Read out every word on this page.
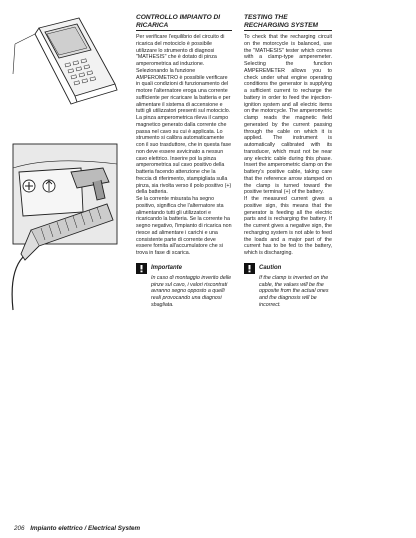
CONTROLLO IMPIANTO DI RICARICA

Per verificare l'equilibrio del circuito di ricarica del motociclo è possibile utilizzare lo strumento di diagnosi "MATHESIS" che è dotato di pinza amperometrica ad induzione.

Selezionando la funzione AMPEROMETRO è possibile verificare in quali condizioni di funzionamento del motore l'alternatore eroga una corrente sufficiente per ricaricare la batteria e per alimentare il sistema di accensione e tutti gli utilizzatori presenti sul motociclo. La pinza amperometrica rileva il campo magnetico generato dalla corrente che passa nel cavo su cui è applicata. Lo strumento si calibra automaticamente con il suo trasduttore, che in questa fase non deve essere avvicinato a nessun cavo elettrico. Inserire poi la pinza amperometrica sul cavo positivo della batteria facendo attenzione che la freccia di riferimento, stampigliata sulla pinza, sia rivolta verso il polo positivo (+) della batteria.

Se la corrente misurata ha segno positivo, significa che l'alternatore sta alimentando tutti gli utilizzatori e ricaricando la batteria. Se la corrente ha segno negativo, l'impianto di ricarica non riesce ad alimentare i carichi e una consistente parte di corrente deve essere fornita all'accumulatore che si trova in fase di scarica.

Importante
In caso di montaggio inverito delle pinze sul cavo, i valori riscontrati avranno segno opposto a quelli reali provocando una diagnosi sbagliata.
TESTING THE RECHARGING SYSTEM

To check that the recharging circuit on the motorcycle is balanced, use the "MATHESIS" tester which comes with a clamp-type amperemeter. Selecting the function AMPEREMETER allows you to check under what engine operating conditions the generator is supplying a sufficient current to recharge the battery in order to feed the injection-ignition system and all electric items on the motorcycle. The amperometric clamp reads the magnetic field generated by the current passing through the cable on which it is applied. The instrument is automatically calibrated with its transducer, which must not be near any electric cable during this phase. Insert the amperometric clamp on the battery's positive cable, taking care that the reference arrow stamped on the clamp is turned toward the positive terminal (+) of the battery.

If the measured current gives a positive sign, this means that the generator is feeding all the electric parts and is recharging the battery. If the current gives a negative sign, the recharging system is not able to feed the loads and a major part of the current has to be fed to the battery, which is discharging.

Caution
If the clamp is inverted on the cable, the values will be the opposite from the actual ones and the diagnosis will be incorrect.
206 Impianto elettrico / Electrical System
